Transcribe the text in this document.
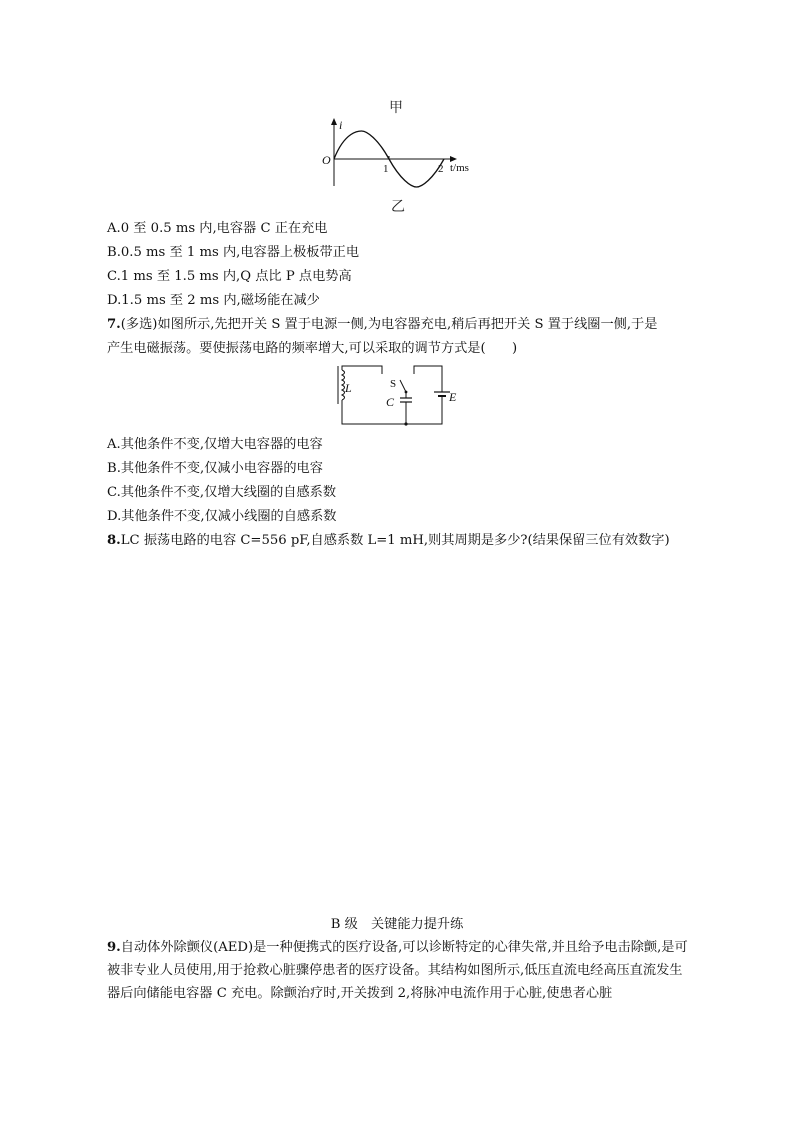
甲
1	2
O
i
t/ms
乙
A.0 至 0.5 ms 内,电容器 C 正在充电
B.0.5 ms 至 1 ms 内,电容器上极板带正电
C.1 ms 至 1.5 ms 内,Q 点比 P 点电势高
D.1.5 ms 至 2 ms 内,磁场能在减少
7.(多选)如图所示,先把开关 S 置于电源一侧,为电容器充电,稍后再把开关 S 置于线圈一侧,于是
产生电磁振荡。要使振荡电路的频率增大,可以采取的调节方式是(　　)
L	S
C	E
A.其他条件不变,仅增大电容器的电容
B.其他条件不变,仅减小电容器的电容
C.其他条件不变,仅增大线圈的自感系数
D.其他条件不变,仅减小线圈的自感系数
8.LC 振荡电路的电容 C=556 pF,自感系数 L=1 mH,则其周期是多少?(结果保留三位有效数字)
B 级　关键能力提升练
9.自动体外除颤仪(AED)是一种便携式的医疗设备,可以诊断特定的心律失常,并且给予电击除颤,是可被非专业人员使用,用于抢救心脏骤停患者的医疗设备。其结构如图所示,低压直流电经高压直流发生器后向储能电容器 C 充电。除颤治疗时,开关拨到 2,将脉冲电流作用于心脏,使患者心脏
